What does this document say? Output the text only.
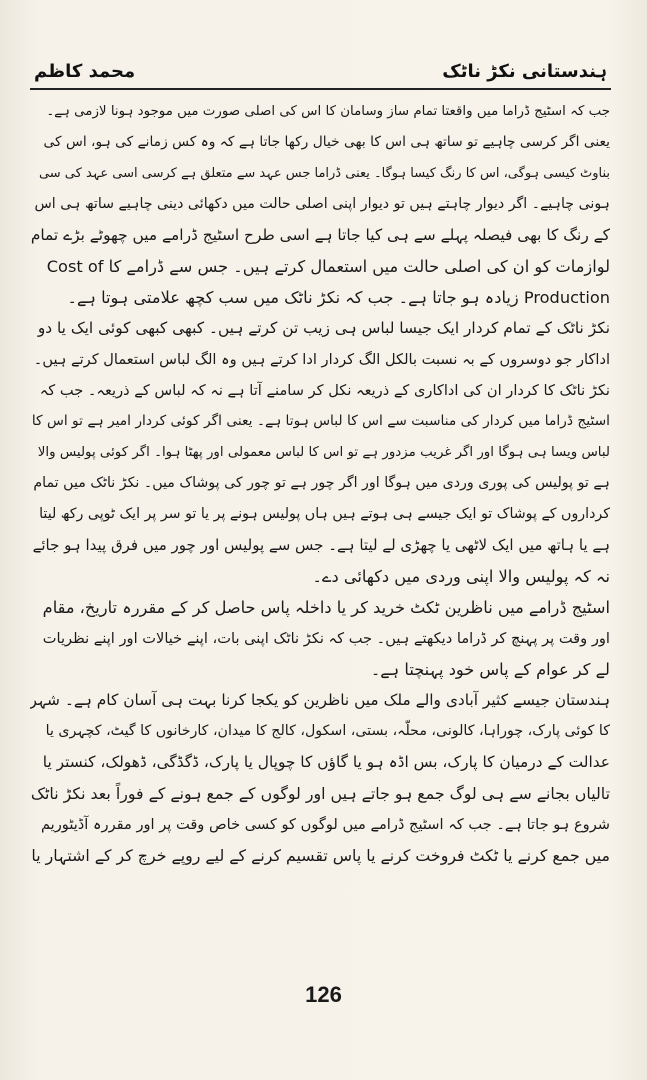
محمد کاظم	ہندستانی نکڑ ناٹک
جب کہ اسٹیج ڈراما میں واقعتا تمام ساز وسامان کا اس کی اصلی صورت میں موجود ہونا لازمی ہے۔
یعنی اگر کرسی چاہیے تو ساتھ ہی اس کا بھی خیال رکھا جاتا ہے کہ وہ کس زمانے کی ہو، اس کی
بناوٹ کیسی ہوگی، اس کا رنگ کیسا ہوگا۔ یعنی ڈراما جس عہد سے متعلق ہے کرسی اسی عہد کی سی
ہونی چاہیے۔ اگر دیوار چاہتے ہیں تو دیوار اپنی اصلی حالت میں دکھائی دینی چاہیے ساتھ ہی اس
کے رنگ کا بھی فیصلہ پہلے سے ہی کیا جاتا ہے اسی طرح اسٹیج ڈرامے میں چھوٹے بڑے تمام
لوازمات کو ان کی اصلی حالت میں استعمال کرتے ہیں۔ جس سے ڈرامے کا Cost of
Production زیادہ ہو جاتا ہے۔ جب کہ نکڑ ناٹک میں سب کچھ علامتی ہوتا ہے۔
نکڑ ناٹک کے تمام کردار ایک جیسا لباس ہی زیب تن کرتے ہیں۔ کبھی کبھی کوئی ایک یا دو
اداکار جو دوسروں کے بہ نسبت بالکل الگ کردار ادا کرتے ہیں وہ الگ لباس استعمال کرتے ہیں۔
نکڑ ناٹک کا کردار ان کی اداکاری کے ذریعہ نکل کر سامنے آتا ہے نہ کہ لباس کے ذریعہ۔ جب کہ
اسٹیج ڈراما میں کردار کی مناسبت سے اس کا لباس ہوتا ہے۔ یعنی اگر کوئی کردار امیر ہے تو اس کا
لباس ویسا ہی ہوگا اور اگر غریب مزدور ہے تو اس کا لباس معمولی اور پھٹا ہوا۔ اگر کوئی پولیس والا
ہے تو پولیس کی پوری وردی میں ہوگا اور اگر چور ہے تو چور کی پوشاک میں۔ نکڑ ناٹک میں تمام
کرداروں کے پوشاک تو ایک جیسے ہی ہوتے ہیں ہاں پولیس ہونے پر یا تو سر پر ایک ٹوپی رکھ لیتا
ہے یا ہاتھ میں ایک لاٹھی یا چھڑی لے لیتا ہے۔ جس سے پولیس اور چور میں فرق پیدا ہو جائے
نہ کہ پولیس والا اپنی وردی میں دکھائی دے۔
اسٹیج ڈرامے میں ناظرین ٹکٹ خرید کر یا داخلہ پاس حاصل کر کے مقررہ تاریخ، مقام
اور وقت پر پہنچ کر ڈراما دیکھتے ہیں۔ جب کہ نکڑ ناٹک اپنی بات، اپنے خیالات اور اپنے نظریات
لے کر عوام کے پاس خود پہنچتا ہے۔
ہندستان جیسے کثیر آبادی والے ملک میں ناظرین کو یکجا کرنا بہت ہی آسان کام ہے۔ شہر
کا کوئی پارک، چوراہا، کالونی، محلّہ، بستی، اسکول، کالج کا میدان، کارخانوں کا گیٹ، کچہری یا
عدالت کے درمیان کا پارک، بس اڈہ ہو یا گاؤں کا چوپال یا پارک، ڈگڈگی، ڈھولک، کنستر یا
تالیاں بجانے سے ہی لوگ جمع ہو جاتے ہیں اور لوگوں کے جمع ہونے کے فوراً بعد نکڑ ناٹک
شروع ہو جاتا ہے۔ جب کہ اسٹیج ڈرامے میں لوگوں کو کسی خاص وقت پر اور مقررہ آڈیٹوریم
میں جمع کرنے یا ٹکٹ فروخت کرنے یا پاس تقسیم کرنے کے لیے روپے خرچ کر کے اشتہار یا
126
